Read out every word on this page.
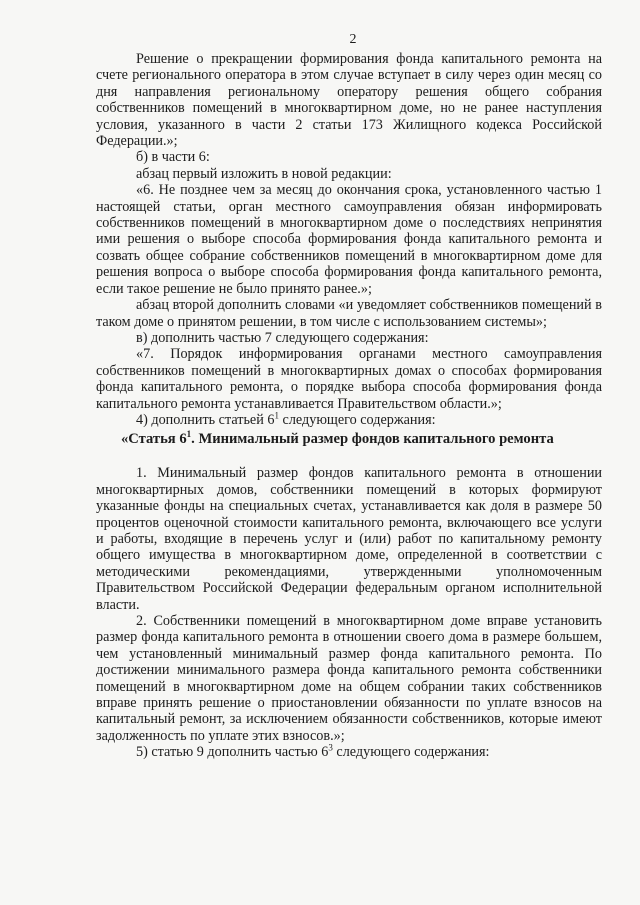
2

Решение о прекращении формирования фонда капитального ремонта на счете регионального оператора в этом случае вступает в силу через один месяц со дня направления региональному оператору решения общего собрания собственников помещений в многоквартирном доме, но не ранее наступления условия, указанного в части 2 статьи 173 Жилищного кодекса Российской Федерации.»;

б) в части 6:

абзац первый изложить в новой редакции:

«6. Не позднее чем за месяц до окончания срока, установленного частью 1 настоящей статьи, орган местного самоуправления обязан информировать собственников помещений в многоквартирном доме о последствиях непринятия ими решения о выборе способа формирования фонда капитального ремонта и созвать общее собрание собственников помещений в многоквартирном доме для решения вопроса о выборе способа формирования фонда капитального ремонта, если такое решение не было принято ранее.»;

абзац второй дополнить словами «и уведомляет собственников помещений в таком доме о принятом решении, в том числе с использованием системы»;

в) дополнить частью 7 следующего содержания:

«7. Порядок информирования органами местного самоуправления собственников помещений в многоквартирных домах о способах формирования фонда капитального ремонта, о порядке выбора способа формирования фонда капитального ремонта устанавливается Правительством области.»;

4) дополнить статьей $6^1$ следующего содержания:

«Статья $6^1$. Минимальный размер фондов капитального ремонта

1. Минимальный размер фондов капитального ремонта в отношении многоквартирных домов, собственники помещений в которых формируют указанные фонды на специальных счетах, устанавливается как доля в размере 50 процентов оценочной стоимости капитального ремонта, включающего все услуги и работы, входящие в перечень услуг и (или) работ по капитальному ремонту общего имущества в многоквартирном доме, определенной в соответствии с методическими рекомендациями, утвержденными уполномоченным Правительством Российской Федерации федеральным органом исполнительной власти.

2. Собственники помещений в многоквартирном доме вправе установить размер фонда капитального ремонта в отношении своего дома в размере большем, чем установленный минимальный размер фонда капитального ремонта. По достижении минимального размера фонда капитального ремонта собственники помещений в многоквартирном доме на общем собрании таких собственников вправе принять решение о приостановлении обязанности по уплате взносов на капитальный ремонт, за исключением обязанности собственников, которые имеют задолженность по уплате этих взносов.»;

5) статью 9 дополнить частью $6^3$ следующего содержания:
